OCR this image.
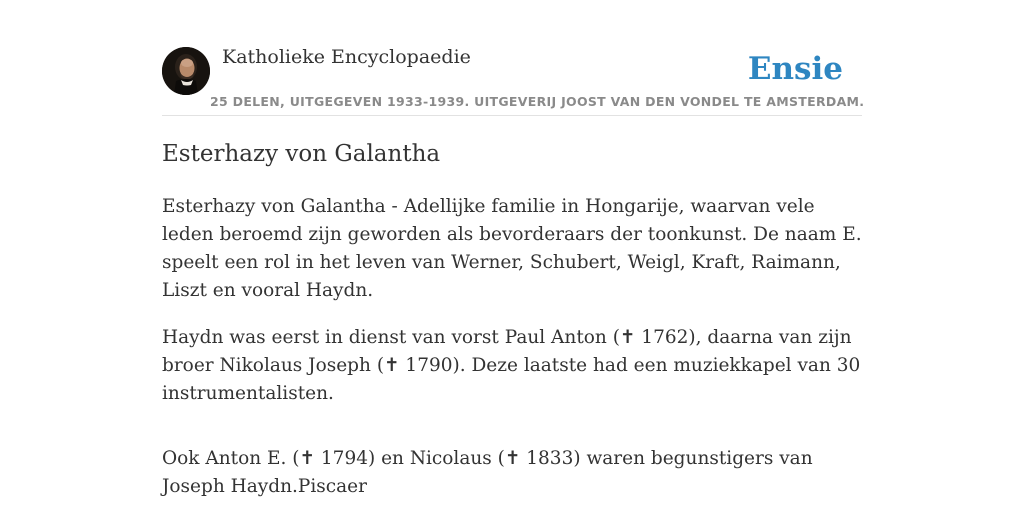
Katholieke Encyclopaedie
25 DELEN, UITGEGEVEN 1933-1939. UITGEVERIJ JOOST VAN DEN VONDEL TE AMSTERDAM.
Ensie
Esterhazy von Galantha

Esterhazy von Galantha - Adellijke familie in Hongarije, waarvan vele leden beroemd zijn geworden als bevorderaars der toonkunst. De naam E. speelt een rol in het leven van Werner, Schubert, Weigl, Kraft, Raimann, Liszt en vooral Haydn.

Haydn was eerst in dienst van vorst Paul Anton (✝ 1762), daarna van zijn broer Nikolaus Joseph (✝ 1790). Deze laatste had een muziekkapel van 30 instrumentalisten.

Ook Anton E. (✝ 1794) en Nicolaus (✝ 1833) waren begunstigers van Joseph Haydn.Piscaer
